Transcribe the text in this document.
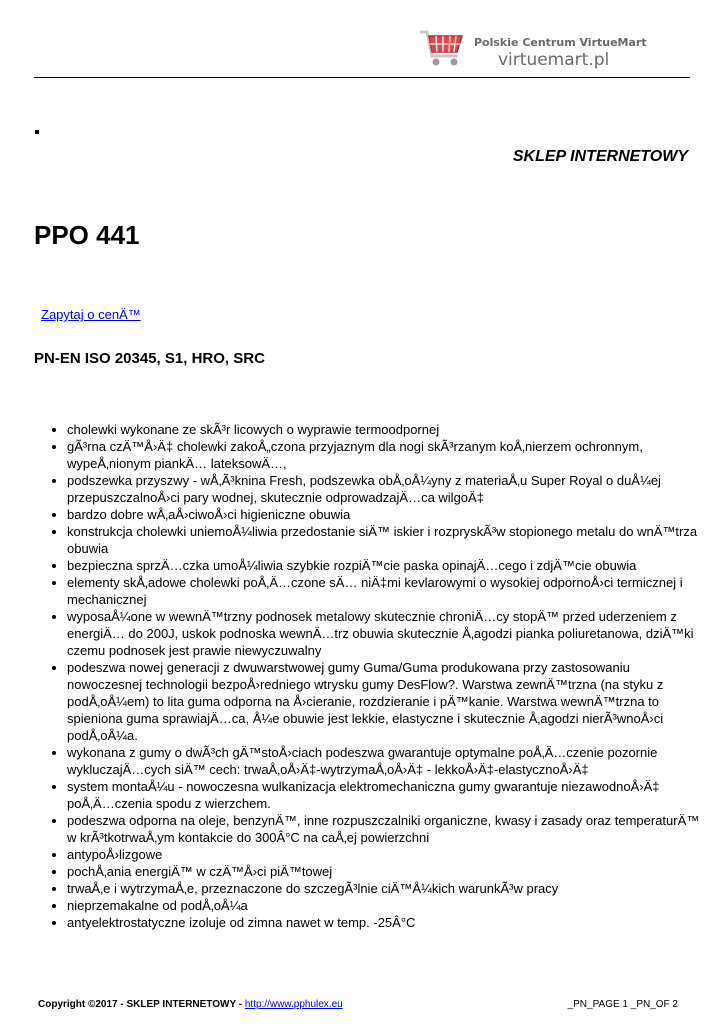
Polskie Centrum VirtueMart
virtuemart.pl
SKLEP INTERNETOWY
PPO 441
Zapytaj o cenÄ™
PN-EN ISO 20345, S1, HRO, SRC
• cholewki wykonane ze skÃ³r licowych o wyprawie termoodpornej
• gÃ³rna czÄ™Å›Ä‡ cholewki zakoÅ„czona przyjaznym dla nogi skÃ³rzanym koÅ‚nierzem ochronnym, wypeÅ‚nionym piankÄ… lateksowÄ…,
• podszewka przyszwy - wÅ‚Ã³knina Fresh, podszewka obÅ‚oÅ¼yny z materiaÅ‚u Super Royal o duÅ¼ej przepuszczalnoÅ›ci pary wodnej, skutecznie odprowadzajÄ…ca wilgoÄ‡
• bardzo dobre wÅ‚aÅ›ciwoÅ›ci higieniczne obuwia
• konstrukcja cholewki uniemoÅ¼liwia przedostanie siÄ™ iskier i rozpryskÃ³w stopionego metalu do wnÄ™trza obuwia
• bezpieczna sprzÄ…czka umoÅ¼liwia szybkie rozpiÄ™cie paska opinajÄ…cego i zdjÄ™cie obuwia
• elementy skÅ‚adowe cholewki poÅ‚Ä…czone sÄ… niÄ‡mi kevlarowymi o wysokiej odpornoÅ›ci termicznej i mechanicznej
• wyposaÅ¼one w wewnÄ™trzny podnosek metalowy skutecznie chroniÄ…cy stopÄ™ przed uderzeniem z energiÄ… do 200J, uskok podnoska wewnÄ…trz obuwia skutecznie Å‚agodzi pianka poliuretanowa, dziÄ™ki czemu podnosek jest prawie niewyczuwalny
• podeszwa nowej generacji z dwuwarstwowej gumy Guma/Guma produkowana przy zastosowaniu nowoczesnej technologii bezpoÅ›redniego wtrysku gumy DesFlow?. Warstwa zewnÄ™trzna (na styku z podÅ‚oÅ¼em) to lita guma odporna na Å›cieranie, rozdzieranie i pÄ™kanie. Warstwa wewnÄ™trzna to spieniona guma sprawiajÄ…ca, Å¼e obuwie jest lekkie, elastyczne i skutecznie Å‚agodzi nierÃ³wnoÅ›ci podÅ‚oÅ¼a.
• wykonana z gumy o dwÃ³ch gÄ™stoÅ›ciach podeszwa gwarantuje optymalne poÅ‚Ä…czenie pozornie wykluczajÄ…cych siÄ™ cech: trwaÅ‚oÅ›Ä‡-wytrzymaÅ‚oÅ›Ä‡ - lekkoÅ›Ä‡-elastycznoÅ›Ä‡
• system montaÅ¼u - nowoczesna wulkanizacja elektromechaniczna gumy gwarantuje niezawodnoÅ›Ä‡ poÅ‚Ä…czenia spodu z wierzchem.
• podeszwa odporna na oleje, benzynÄ™, inne rozpuszczalniki organiczne, kwasy i zasady oraz temperaturÄ™ w krÃ³tkotrwaÅ‚ym kontakcie do 300Â°C na caÅ‚ej powierzchni
• antypoÅ›lizgowe
• pochÅ‚ania energiÄ™ w czÄ™Å›ci piÄ™towej
• trwaÅ‚e i wytrzymaÅ‚e, przeznaczone do szczegÃ³lnie ciÄ™Å¼kich warunkÃ³w pracy
• nieprzemakalne od podÅ‚oÅ¼a
• antyelektrostatyczne izoluje od zimna nawet w temp. -25Â°C
Copyright ©2017 - SKLEP INTERNETOWY - http://www.pphulex.eu	_PN_PAGE 1 _PN_OF 2
